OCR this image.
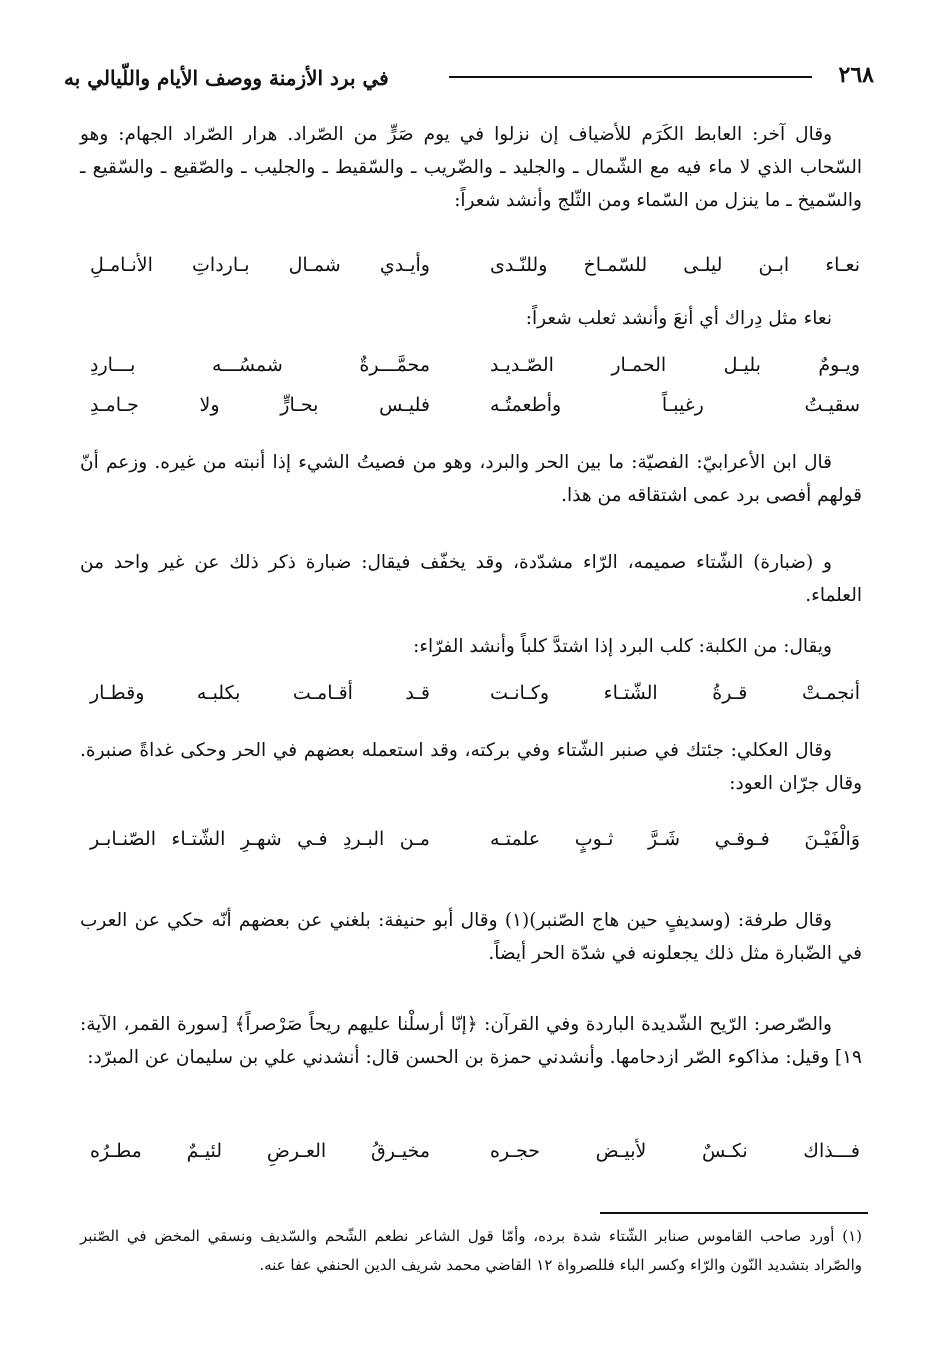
٢٦٨
في برد الأزمنة ووصف الأيام واللّيالي به
وقال آخر: العابط الكَرَم للأضياف إن نزلوا في يوم صَرٍّ من الصّراد. هرار الصّراد الجهام: وهو السّحاب الذي لا ماء فيه مع الشّمال ـ والجليد ـ والضّريب ـ والسّقيط ـ والجليب ـ والصّقيع ـ والسّقيع ـ والسّميخ ـ ما ينزل من السّماء ومن الثّلج وأنشد شعراً:
نعـاء ابـن ليلـى للسّمـاخ وللنّـدى
وأيـدي شمـال بـارداتِ الأنـامـلِ
نعاء مثل دِراك أي أنعَ وأنشد ثعلب شعراً:
ويـومٌ بليـل الحمـار الصّـديـد
محمَّـــرةٌ شمسُـــه بـــاردِ
سقيـتُ رغيبـاً وأطعمتُـه
فليـس بحـارٍّ ولا جـامـدِ
قال ابن الأعرابيّ: الفصيّة: ما بين الحر والبرد، وهو من فصيتُ الشيء إذا أنبته من غيره. وزعم أنّ قولهم أفصى برد عمى اشتقاقه من هذا.
و (ضبارة) الشّتاء صميمه، الرّاء مشدّدة، وقد يخفّف فيقال: ضبارة ذكر ذلك عن غير واحد من العلماء.
ويقال: من الكلبة: كلب البرد إذا اشتدَّ كلباً وأنشد الفرّاء:
أنجمـتْ قـرةُ الشّتـاء وكـانـت
قـد أقـامـت بكلبـه وقطـار
وقال العكلي: جئتك في صنبر الشّتاء وفي بركته، وقد استعمله بعضهم في الحر وحكى غداةً صنبرة. وقال جرّان العود:
وَالْفَيْـنَ فـوقـي شَـرَّ ثـوبٍ علمتـه
مـن البـردِ فـي شهـرِ الشّتـاء الصّنـابـر
وقال طرفة: (وسديفٍ حين هاج الصّنبر)(١) وقال أبو حنيفة: بلغني عن بعضهم أنّه حكي عن العرب في الضّبارة مثل ذلك يجعلونه في شدّة الحر أيضاً.
والصّرصر: الرّيح الشّديدة الباردة وفي القرآن: ﴿إنّا أرسلْنا عليهم ريحاً صَرْصراً﴾ [سورة القمر، الآية: ١٩] وقيل: مذاكوء الصّر ازدحامها. وأنشدني حمزة بن الحسن قال: أنشدني علي بن سليمان عن المبرّد:
فـــذاك نكـسٌ لأبيـض حجـره
مخيـرقُ العـرضِ لئيـمٌ مطـرُه
(١) أورد صاحب القاموس صنابر الشّتاء شدة برده، وأمّا قول الشاعر نطعم الشّحم والسّديف ونسقي المخض في الصّنبر والصّراد بتشديد النّون والرّاء وكسر الباء فللصرواة ١٢ القاضي محمد شريف الدين الحنفي عفا عنه.
